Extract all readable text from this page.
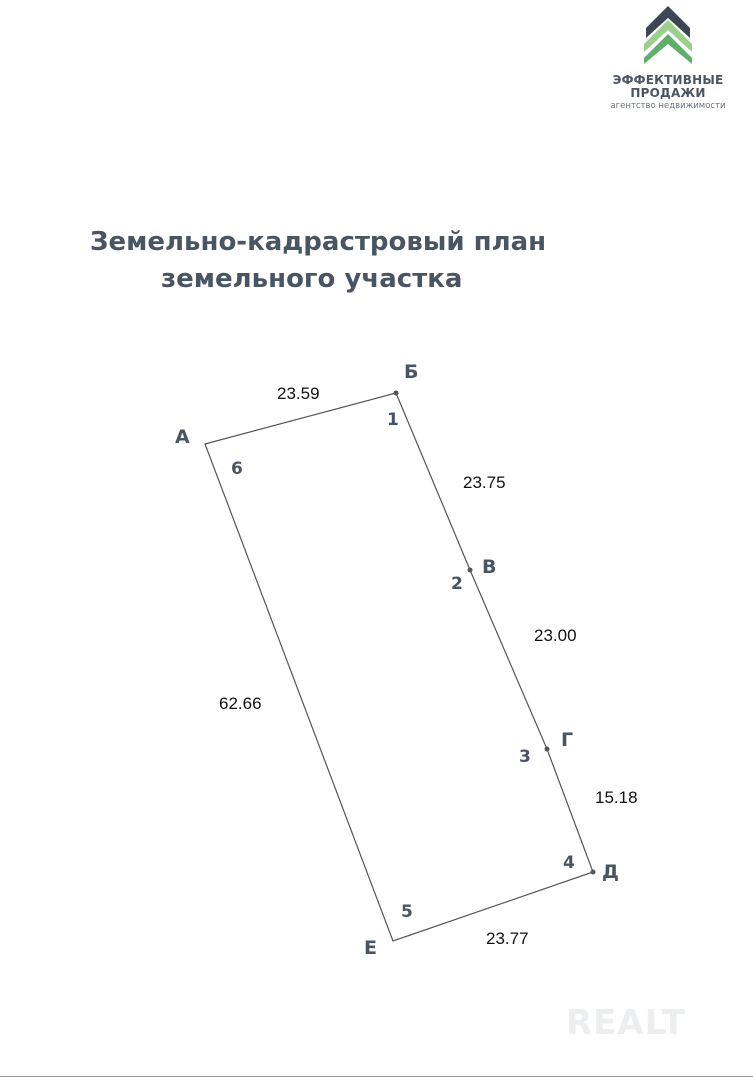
ЭФФЕКТИВНЫЕ
ПРОДАЖИ
агентство недвижимости
Земельно-кадрастровый план
земельного участка
А
Б
В
Г
Д
Е
1
2
3
4
5
6
23.59
23.75
23.00
15.18
23.77
62.66
REALT
